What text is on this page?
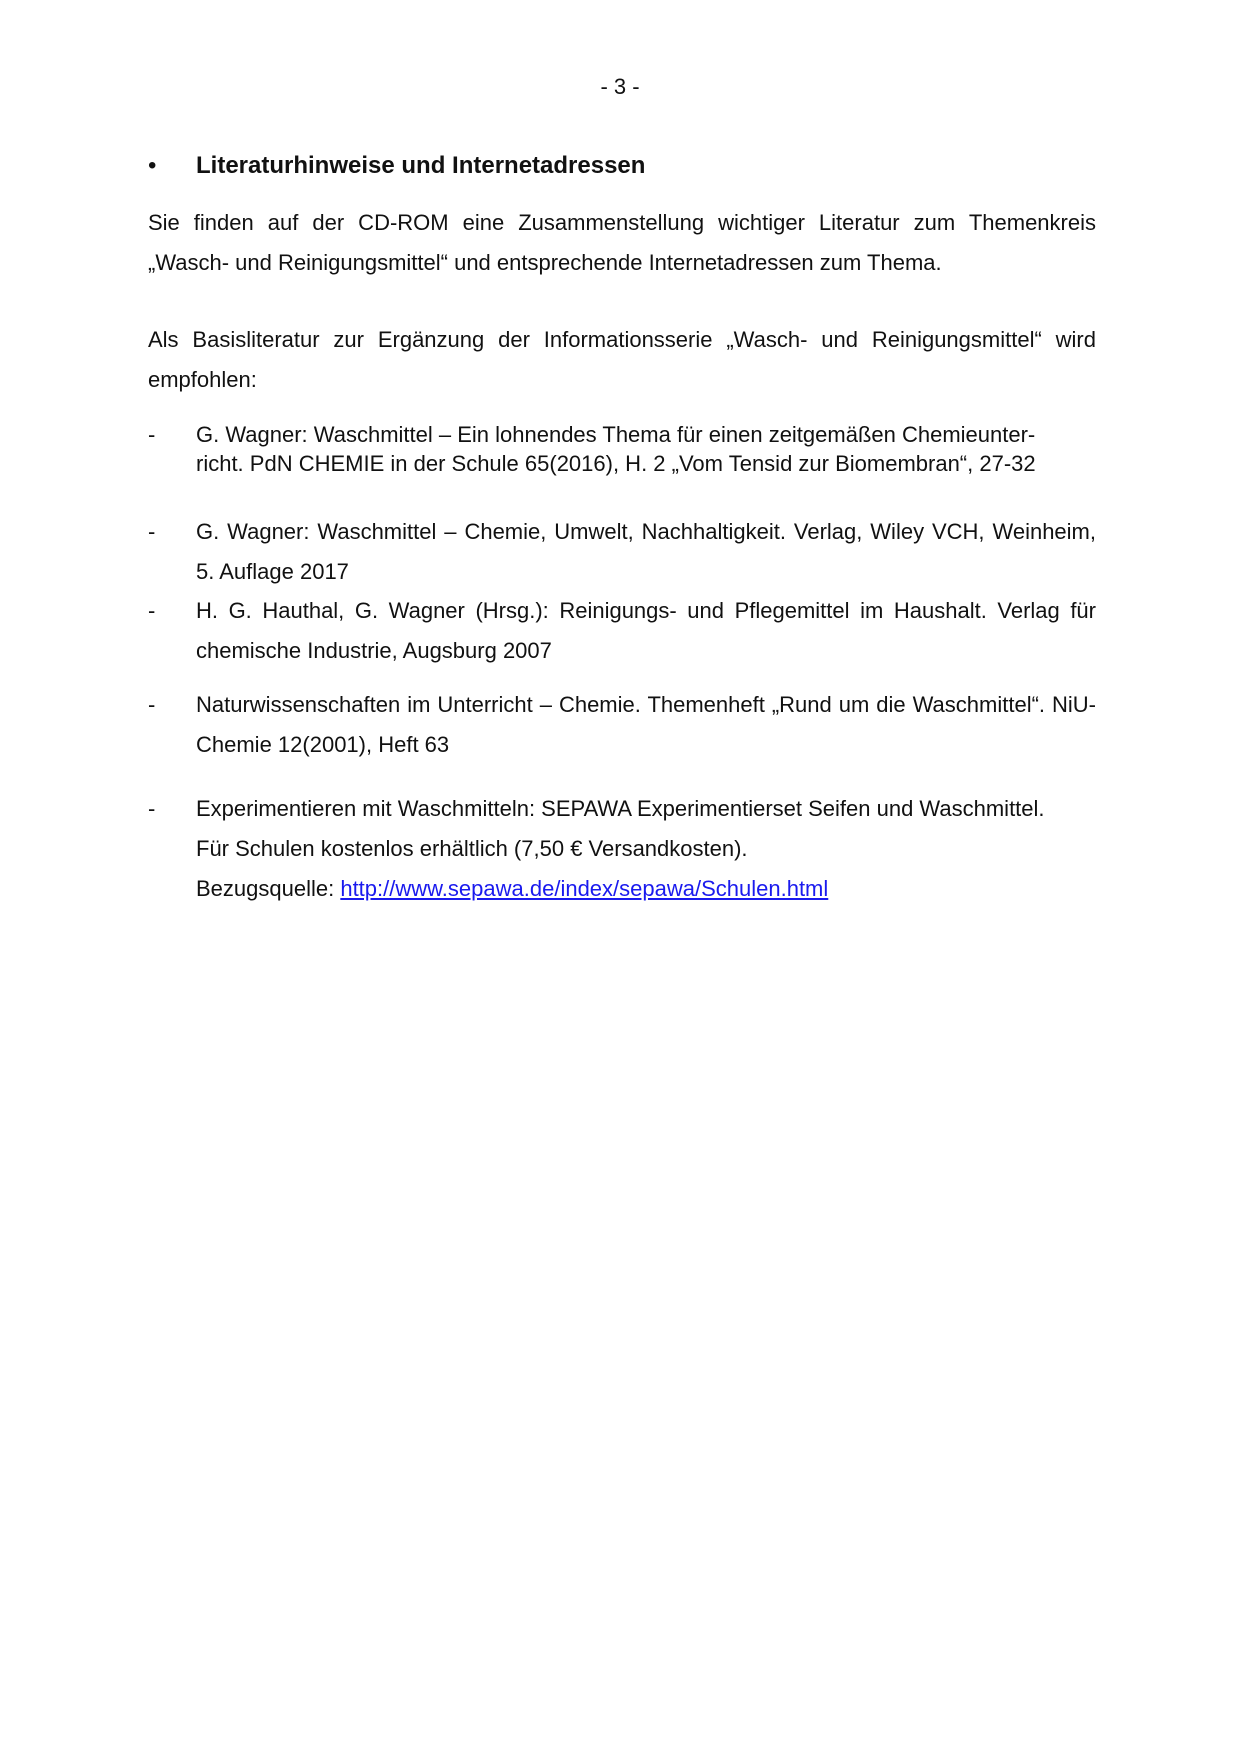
- 3 -
• Literaturhinweise und Internetadressen
Sie finden auf der CD-ROM eine Zusammenstellung wichtiger Literatur zum Themenkreis „Wasch- und Reinigungsmittel“ und entsprechende Internetadressen zum Thema.
Als Basisliteratur zur Ergänzung der Informationsserie „Wasch- und Reinigungsmittel“ wird empfohlen:
- G. Wagner: Waschmittel – Ein lohnendes Thema für einen zeitgemäßen Chemieunter-
richt. PdN CHEMIE in der Schule 65(2016), H. 2 „Vom Tensid zur Biomembran“, 27-32
- G. Wagner: Waschmittel – Chemie, Umwelt, Nachhaltigkeit. Verlag, Wiley VCH, Weinheim, 5. Auflage 2017
- H. G. Hauthal, G. Wagner (Hrsg.): Reinigungs- und Pflegemittel im Haushalt. Verlag für chemische Industrie, Augsburg 2007
- Naturwissenschaften im Unterricht – Chemie. Themenheft „Rund um die Waschmittel“. NiU-Chemie 12(2001), Heft 63
- Experimentieren mit Waschmitteln: SEPAWA Experimentierset Seifen und Waschmittel.
Für Schulen kostenlos erhältlich (7,50 € Versandkosten).
Bezugsquelle: http://www.sepawa.de/index/sepawa/Schulen.html
